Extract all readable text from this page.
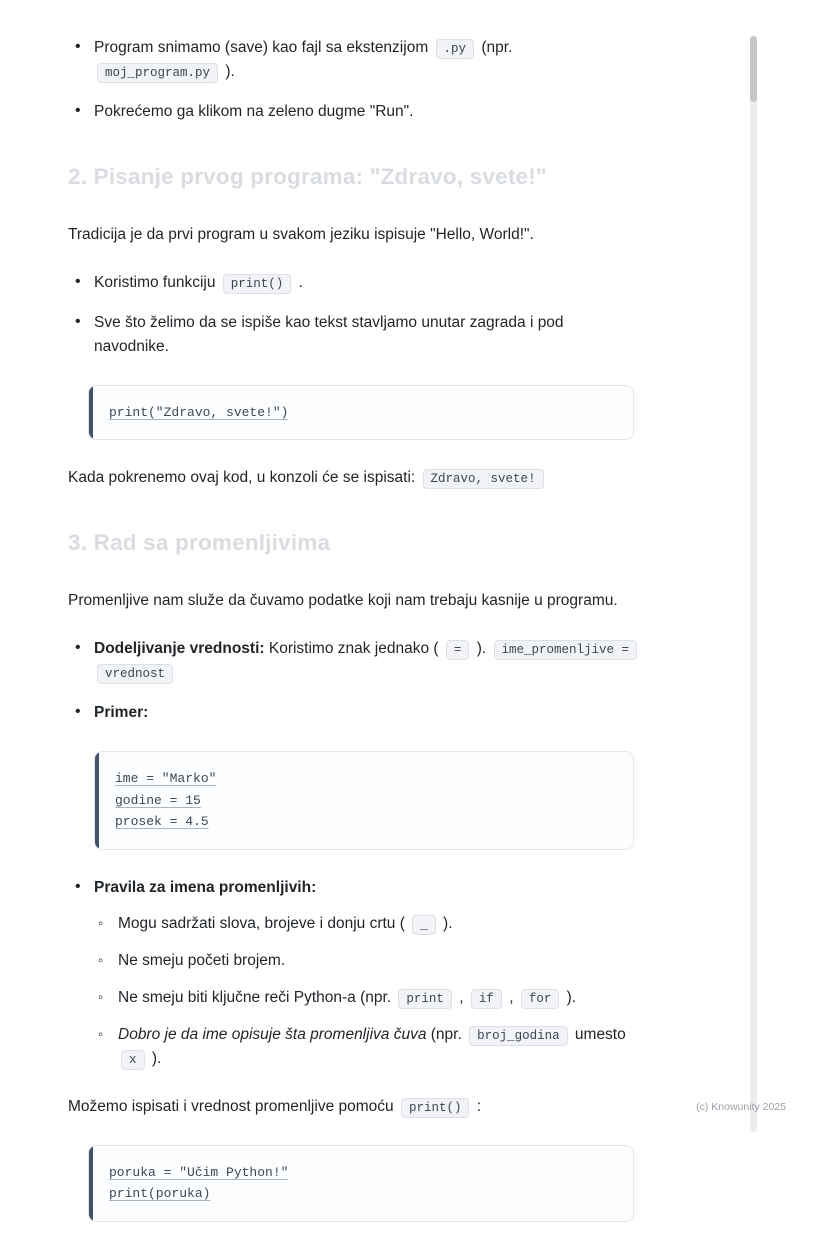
• Program snimamo (save) kao fajl sa ekstenzijom .py (npr. moj_program.py ).
• Pokrećemo ga klikom na zeleno dugme "Run".
2. Pisanje prvog programa: "Zdravo, svete!"

Tradicija je da prvi program u svakom jeziku ispisuje "Hello, World!".

• Koristimo funkciju print() .
• Sve što želimo da se ispiše kao tekst stavljamo unutar zagrada i pod navodnike.
print("Zdravo, svete!")

Kada pokrenemo ovaj kod, u konzoli će se ispisati: Zdravo, svete!

3. Rad sa promenljivima

Promenljive nam služe da čuvamo podatke koji nam trebaju kasnije u programu.

• Dodeljivanje vrednosti: Koristimo znak jednako ( = ). ime_promenljive = vrednost
• Primer:
ime = "Marko"
godine = 15
prosek = 4.5
• Pravila za imena promenljivih:
◦ Mogu sadržati slova, brojeve i donju crtu ( _ ).
◦ Ne smeju početi brojem.
◦ Ne smeju biti ključne reči Python-a (npr. print , if , for ).
◦ Dobro je da ime opisuje šta promenljiva čuva (npr. broj_godina umesto x ).

Možemo ispisati i vrednost promenljive pomoću print() :

poruka = "Učim Python!"
print(poruka)
(c) Knowunity 2025
